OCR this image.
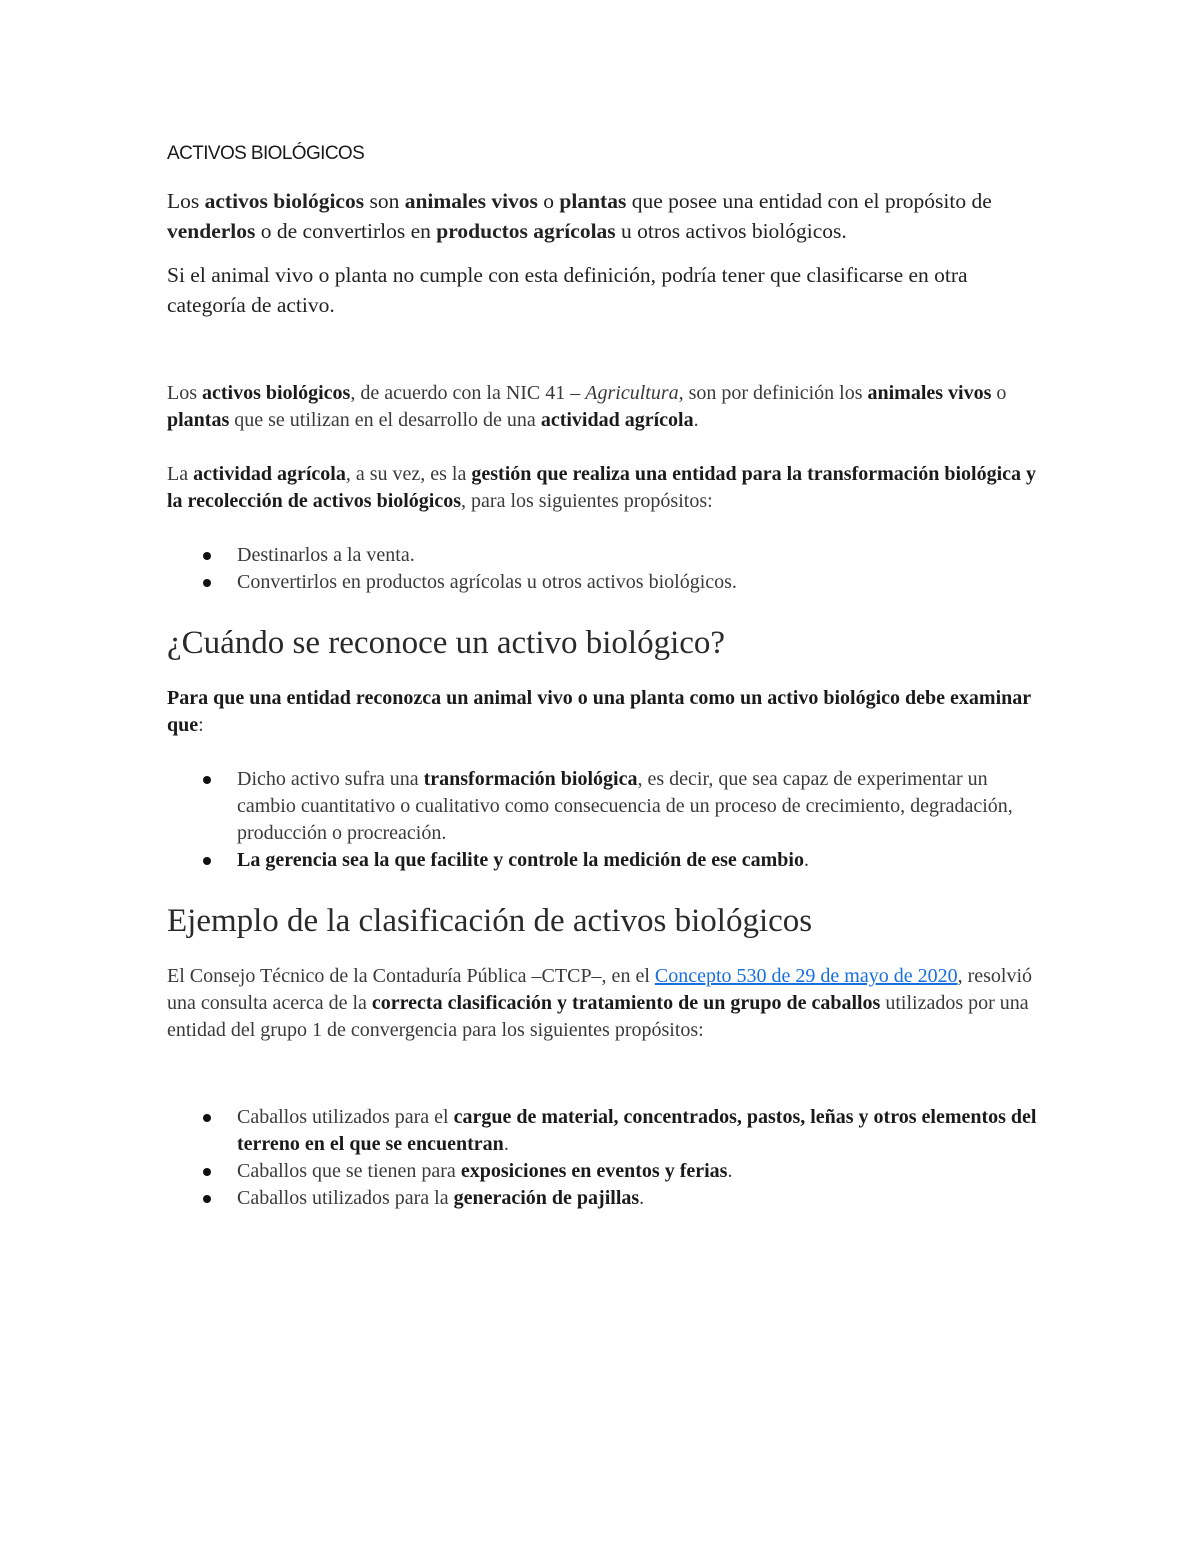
ACTIVOS BIOLÓGICOS

Los activos biológicos son animales vivos o plantas que posee una entidad con el propósito de venderlos o de convertirlos en productos agrícolas u otros activos biológicos.

Si el animal vivo o planta no cumple con esta definición, podría tener que clasificarse en otra categoría de activo.

Los activos biológicos, de acuerdo con la NIC 41 – Agricultura, son por definición los animales vivos o plantas que se utilizan en el desarrollo de una actividad agrícola.

La actividad agrícola, a su vez, es la gestión que realiza una entidad para la transformación biológica y la recolección de activos biológicos, para los siguientes propósitos:

Destinarlos a la venta.
Convertirlos en productos agrícolas u otros activos biológicos.
¿Cuándo se reconoce un activo biológico?

Para que una entidad reconozca un animal vivo o una planta como un activo biológico debe examinar que:

Dicho activo sufra una transformación biológica, es decir, que sea capaz de experimentar un cambio cuantitativo o cualitativo como consecuencia de un proceso de crecimiento, degradación, producción o procreación.
La gerencia sea la que facilite y controle la medición de ese cambio.
Ejemplo de la clasificación de activos biológicos

El Consejo Técnico de la Contaduría Pública –CTCP–, en el Concepto 530 de 29 de mayo de 2020, resolvió una consulta acerca de la correcta clasificación y tratamiento de un grupo de caballos utilizados por una entidad del grupo 1 de convergencia para los siguientes propósitos:

Caballos utilizados para el cargue de material, concentrados, pastos, leñas y otros elementos del terreno en el que se encuentran.
Caballos que se tienen para exposiciones en eventos y ferias.
Caballos utilizados para la generación de pajillas.
